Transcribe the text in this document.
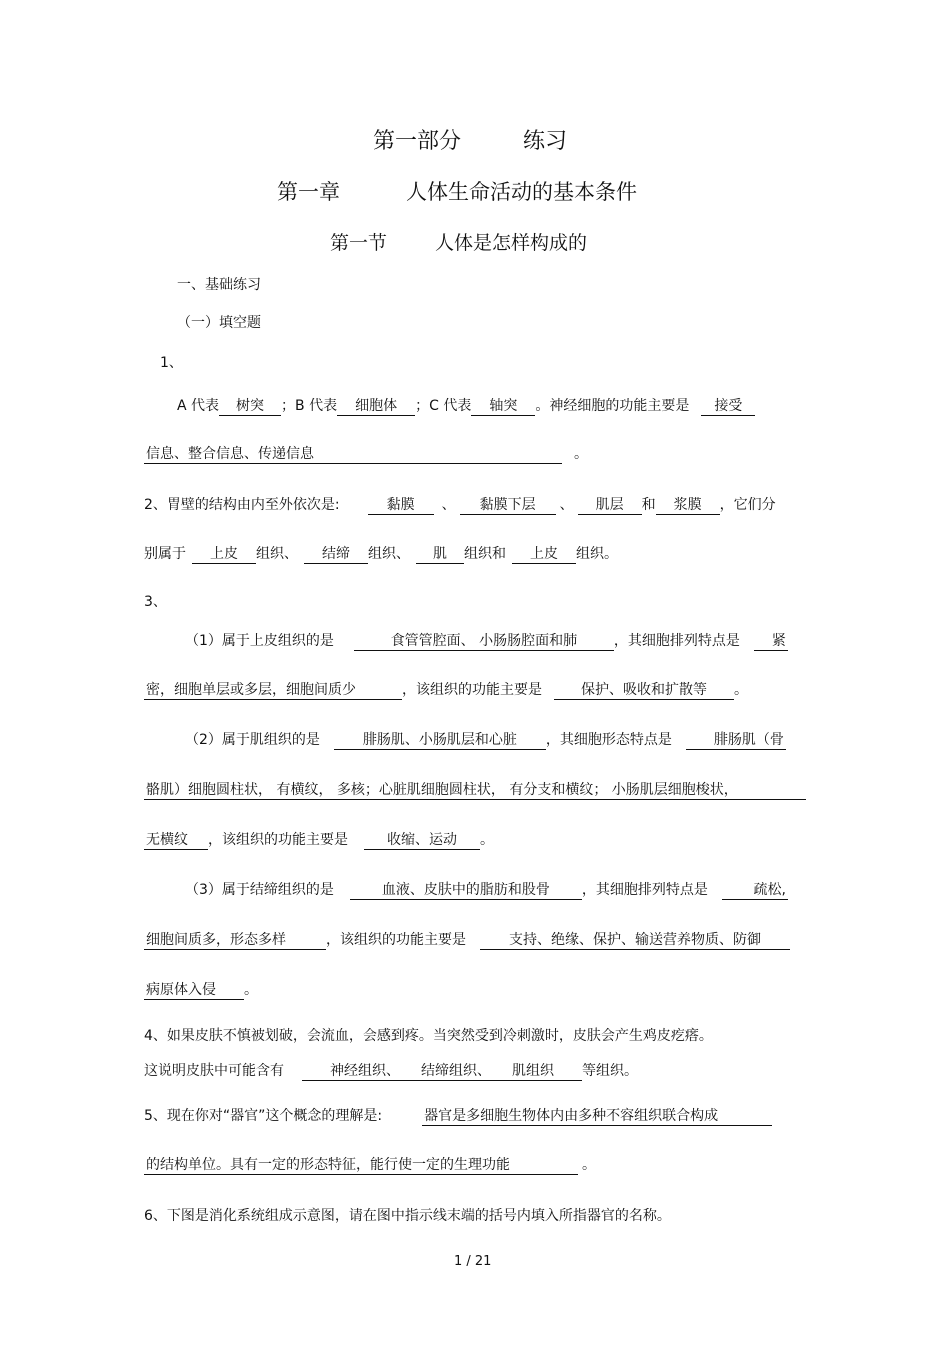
第一部分	练习
第一章	人体生命活动的基本条件
第一节	人体是怎样构成的
一、基础练习
（一）填空题
1、
A 代表 树突 ；B 代表 细胞体 ；C 代表 轴突 。神经细胞的功能主要是 接受
信息、整合信息、传递信息	。
2、胃壁的结构由内至外依次是:	黏膜 、 黏膜下层 、 肌层 和 浆膜 ，它们分
别属于 上皮 组织、 结缔 组织、 肌 组织和 上皮 组织。
3、
（1）属于上皮组织的是	食管管腔面、 小肠肠腔面和肺	，其细胞排列特点是 紧
密，细胞单层或多层，细胞间质少	，该组织的功能主要是	保护、吸收和扩散等 。
（2）属于肌组织的是	腓肠肌、小肠肌层和心脏 ，其细胞形态特点是	腓肠肌（骨
骼肌）细胞圆柱状， 有横纹， 多核；心脏肌细胞圆柱状， 有分支和横纹； 小肠肌层细胞梭状，
无横纹 ，该组织的功能主要是	收缩、运动 。
（3）属于结缔组织的是	血液、皮肤中的脂肪和股骨 ，其细胞排列特点是	疏松,
细胞间质多，形态多样	，该组织的功能主要是	支持、绝缘、保护、输送营养物质、防御
病原体入侵 。
4、如果皮肤不慎被划破，会流血，会感到疼。当突然受到冷刺激时，皮肤会产生鸡皮疙瘩。
这说明皮肤中可能含有	神经组织、　　结缔组织、　　肌组织 等组织。
5、现在你对“器官”这个概念的理解是:	器官是多细胞生物体内由多种不容组织联合构成
的结构单位。具有一定的形态特征，能行使一定的生理功能	。
6、下图是消化系统组成示意图，请在图中指示线末端的括号内填入所指器官的名称。
1 / 21
